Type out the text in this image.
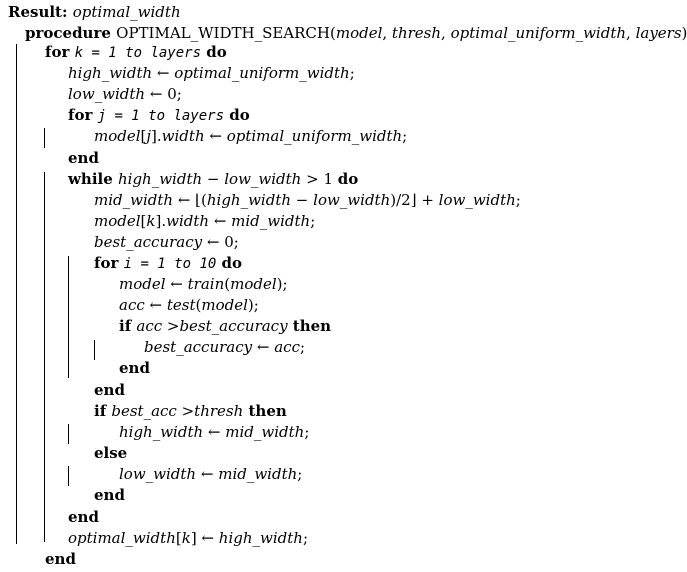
Result: optimal_width
procedure OPTIMAL_WIDTH_SEARCH(model, thresh, optimal_uniform_width, layers)
for k = 1 to layers do
high_width ← optimal_uniform_width;
low_width ← 0;
for j = 1 to layers do
model[j].width ← optimal_uniform_width;
end
while high_width − low_width > 1 do
mid_width ← ⌊(high_width − low_width)/2⌋ + low_width;
model[k].width ← mid_width;
best_accuracy ← 0;
for i = 1 to 10 do
model ← train(model);
acc ← test(model);
if acc >best_accuracy then
best_accuracy ← acc;
end
end
if best_acc >thresh then
high_width ← mid_width;
else
low_width ← mid_width;
end
end
optimal_width[k] ← high_width;
end
